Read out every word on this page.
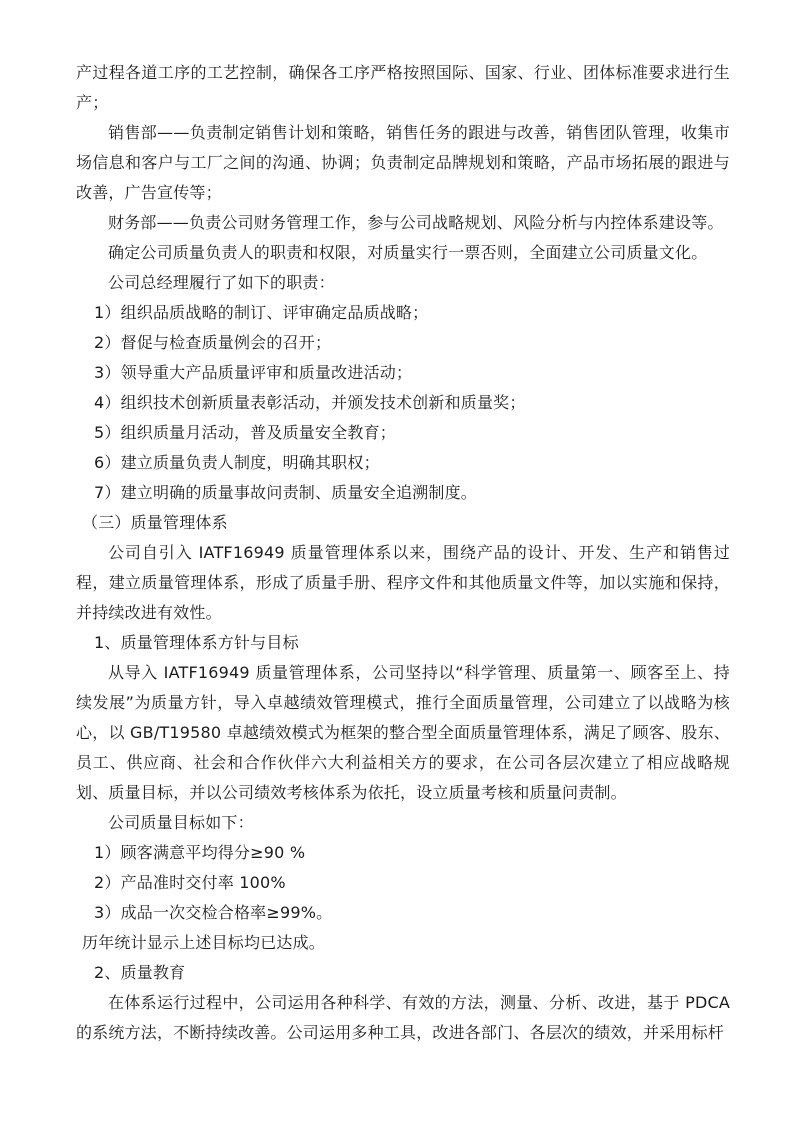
产过程各道工序的工艺控制，确保各工序严格按照国际、国家、行业、团体标准要求进行生产；

销售部——负责制定销售计划和策略，销售任务的跟进与改善，销售团队管理，收集市场信息和客户与工厂之间的沟通、协调；负责制定品牌规划和策略，产品市场拓展的跟进与改善，广告宣传等；

财务部——负责公司财务管理工作，参与公司战略规划、风险分析与内控体系建设等。

确定公司质量负责人的职责和权限，对质量实行一票否则，全面建立公司质量文化。

公司总经理履行了如下的职责：

1）组织品质战略的制订、评审确定品质战略；

2）督促与检查质量例会的召开；

3）领导重大产品质量评审和质量改进活动；

4）组织技术创新质量表彰活动，并颁发技术创新和质量奖；

5）组织质量月活动，普及质量安全教育；

6）建立质量负责人制度，明确其职权；

7）建立明确的质量事故问责制、质量安全追溯制度。

（三）质量管理体系

公司自引入 IATF16949 质量管理体系以来，围绕产品的设计、开发、生产和销售过程，建立质量管理体系，形成了质量手册、程序文件和其他质量文件等，加以实施和保持，并持续改进有效性。

1、质量管理体系方针与目标

从导入 IATF16949 质量管理体系，公司坚持以“科学管理、质量第一、顾客至上、持续发展”为质量方针，导入卓越绩效管理模式，推行全面质量管理，公司建立了以战略为核心，以 GB/T19580 卓越绩效模式为框架的整合型全面质量管理体系，满足了顾客、股东、员工、供应商、社会和合作伙伴六大利益相关方的要求，在公司各层次建立了相应战略规划、质量目标，并以公司绩效考核体系为依托，设立质量考核和质量问责制。

公司质量目标如下：

1）顾客满意平均得分≥90 %

2）产品准时交付率 100%

3）成品一次交检合格率≥99%。

历年统计显示上述目标均已达成。

2、质量教育

在体系运行过程中，公司运用各种科学、有效的方法，测量、分析、改进，基于 PDCA 的系统方法，不断持续改善。公司运用多种工具，改进各部门、各层次的绩效，并采用标杆
